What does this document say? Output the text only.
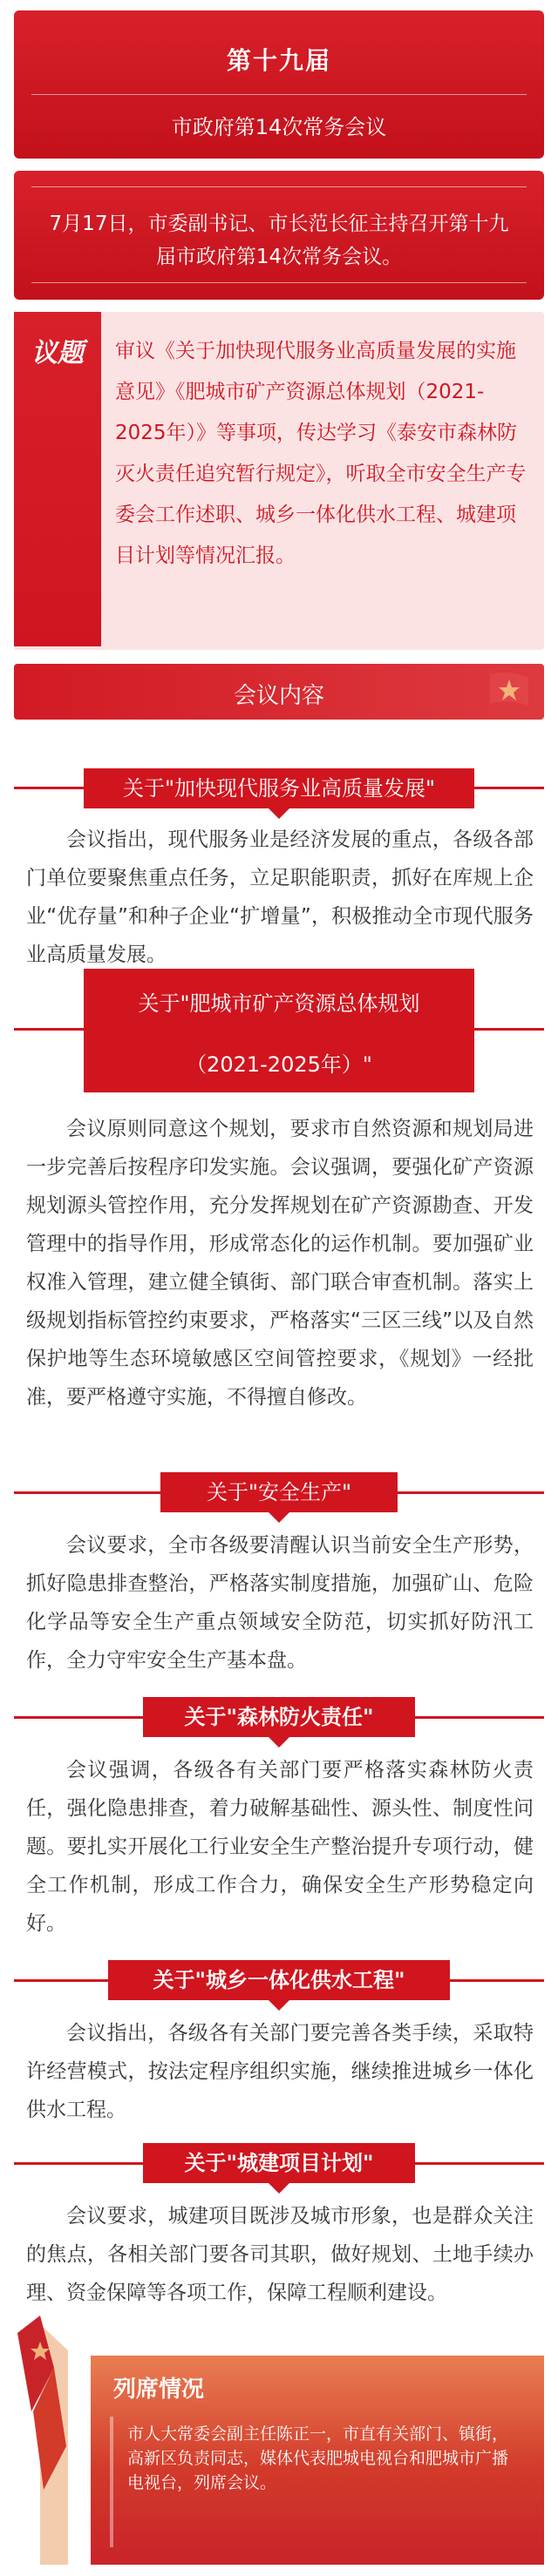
第十九届
市政府第14次常务会议
7月17日，市委副书记、市长范长征主持召开第十九届市政府第14次常务会议。
议题	审议《关于加快现代服务业高质量发展的实施意见》《肥城市矿产资源总体规划（2021-2025年）》等事项，传达学习《泰安市森林防灭火责任追究暂行规定》，听取全市安全生产专委会工作述职、城乡一体化供水工程、城建项目计划等情况汇报。
会议内容
关于"加快现代服务业高质量发展"
会议指出，现代服务业是经济发展的重点，各级各部门单位要聚焦重点任务，立足职能职责，抓好在库规上企业“优存量”和种子企业“扩增量”，积极推动全市现代服务业高质量发展。
关于"肥城市矿产资源总体规划
（2021-2025年）"
会议原则同意这个规划，要求市自然资源和规划局进一步完善后按程序印发实施。会议强调，要强化矿产资源规划源头管控作用，充分发挥规划在矿产资源勘查、开发管理中的指导作用，形成常态化的运作机制。要加强矿业权准入管理，建立健全镇街、部门联合审查机制。落实上级规划指标管控约束要求，严格落实“三区三线”以及自然保护地等生态环境敏感区空间管控要求，《规划》一经批准，要严格遵守实施，不得擅自修改。
关于"安全生产"
会议要求，全市各级要清醒认识当前安全生产形势，抓好隐患排查整治，严格落实制度措施，加强矿山、危险化学品等安全生产重点领域安全防范，切实抓好防汛工作，全力守牢安全生产基本盘。
关于"森林防火责任"
会议强调，各级各有关部门要严格落实森林防火责任，强化隐患排查，着力破解基础性、源头性、制度性问题。要扎实开展化工行业安全生产整治提升专项行动，健全工作机制，形成工作合力，确保安全生产形势稳定向好。
关于"城乡一体化供水工程"
会议指出，各级各有关部门要完善各类手续，采取特许经营模式，按法定程序组织实施，继续推进城乡一体化供水工程。
关于"城建项目计划"
会议要求，城建项目既涉及城市形象，也是群众关注的焦点，各相关部门要各司其职，做好规划、土地手续办理、资金保障等各项工作，保障工程顺利建设。
列席情况
市人大常委会副主任陈正一，市直有关部门、镇街，高新区负责同志，媒体代表肥城电视台和肥城市广播电视台，列席会议。
